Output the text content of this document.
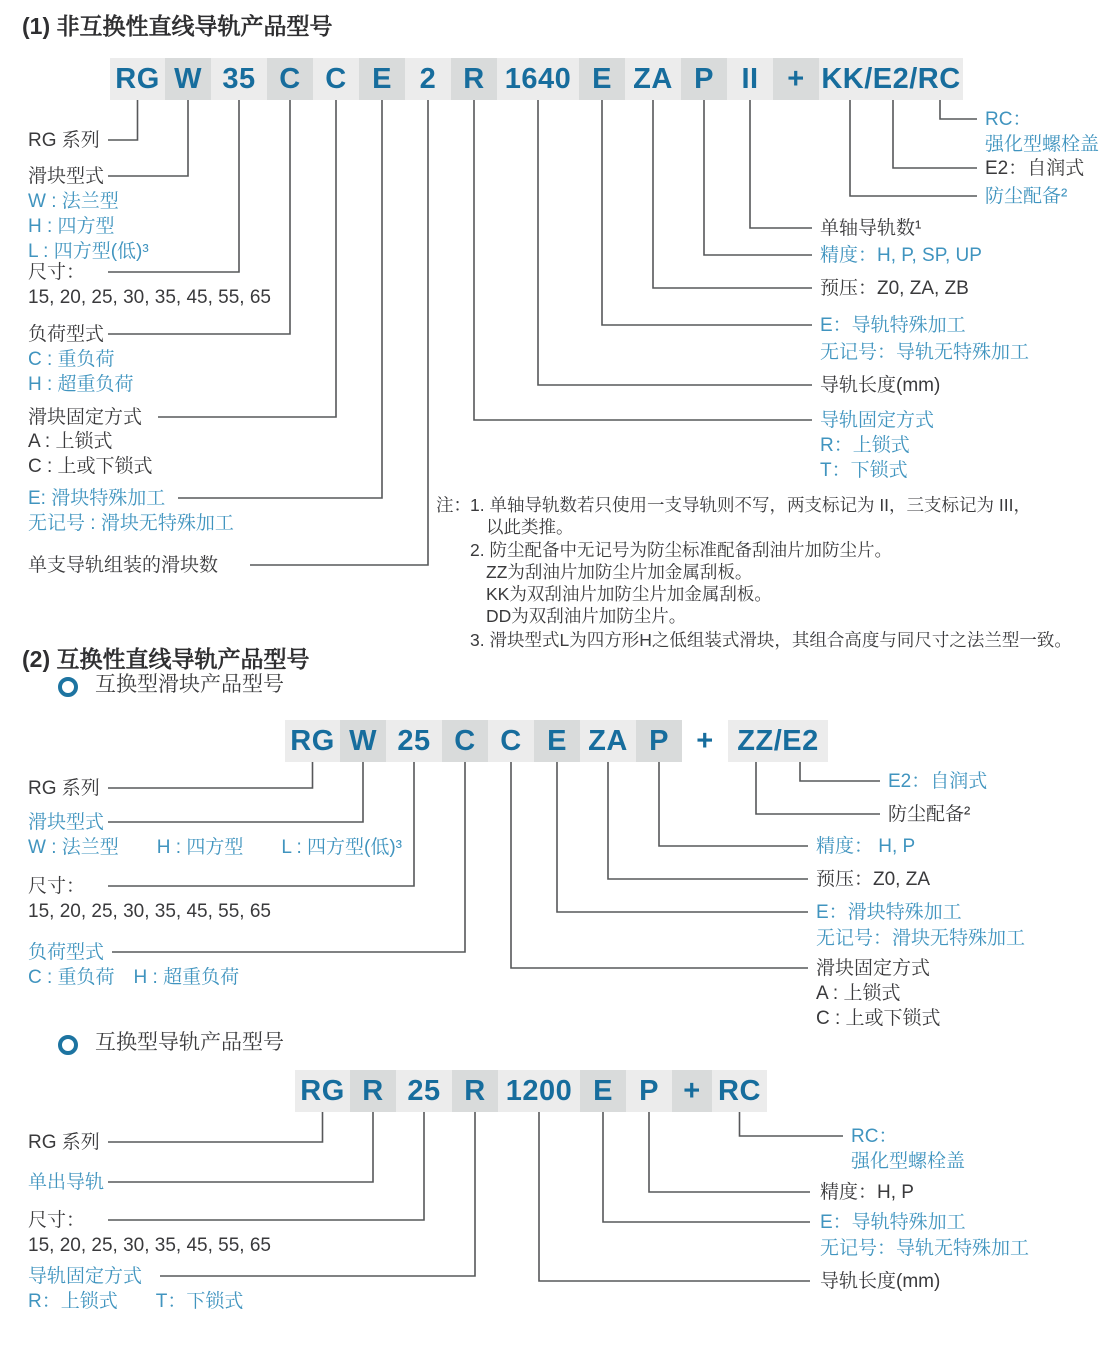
(1) 非互换性直线导轨产品型号
RG W 35 C C E 2 R 1640 E ZA P II + KK/E2/RC
RG 系列
滑块型式
W : 法兰型
H : 四方型
L : 四方型(低)³
尺寸：
15, 20, 25, 30, 35, 45, 55, 65
负荷型式
C : 重负荷
H : 超重负荷
滑块固定方式
A : 上锁式
C : 上或下锁式
E: 滑块特殊加工
无记号 : 滑块无特殊加工
单支导轨组装的滑块数
RC：
强化型螺栓盖
E2：自润式
防尘配备²
单轴导轨数¹
精度：H, P, SP, UP
预压：Z0, ZA, ZB
E：导轨特殊加工
无记号：导轨无特殊加工
导轨长度(mm)
导轨固定方式
R：上锁式
T：下锁式
注： 1. 单轴导轨数若只使用一支导轨则不写，两支标记为 II，三支标记为 III，
以此类推。
2. 防尘配备中无记号为防尘标准配备刮油片加防尘片。
ZZ为刮油片加防尘片加金属刮板。
KK为双刮油片加防尘片加金属刮板。
DD为双刮油片加防尘片。
3. 滑块型式L为四方形H之低组装式滑块，其组合高度与同尺寸之法兰型一致。
(2) 互换性直线导轨产品型号
互换型滑块产品型号
RG W 25 C C E ZA P + ZZ/E2
RG 系列
滑块型式
W : 法兰型　　H : 四方型　　L : 四方型(低)³
尺寸：
15, 20, 25, 30, 35, 45, 55, 65
负荷型式
C : 重负荷　H : 超重负荷
E2：自润式
防尘配备²
精度： H, P
预压：Z0, ZA
E：滑块特殊加工
无记号：滑块无特殊加工
滑块固定方式
A : 上锁式
C : 上或下锁式
互换型导轨产品型号
RG R 25 R 1200 E P + RC
RG 系列
单出导轨
尺寸：
15, 20, 25, 30, 35, 45, 55, 65
导轨固定方式
R：上锁式　　T：下锁式
RC：
强化型螺栓盖
精度：H, P
E：导轨特殊加工
无记号：导轨无特殊加工
导轨长度(mm)
